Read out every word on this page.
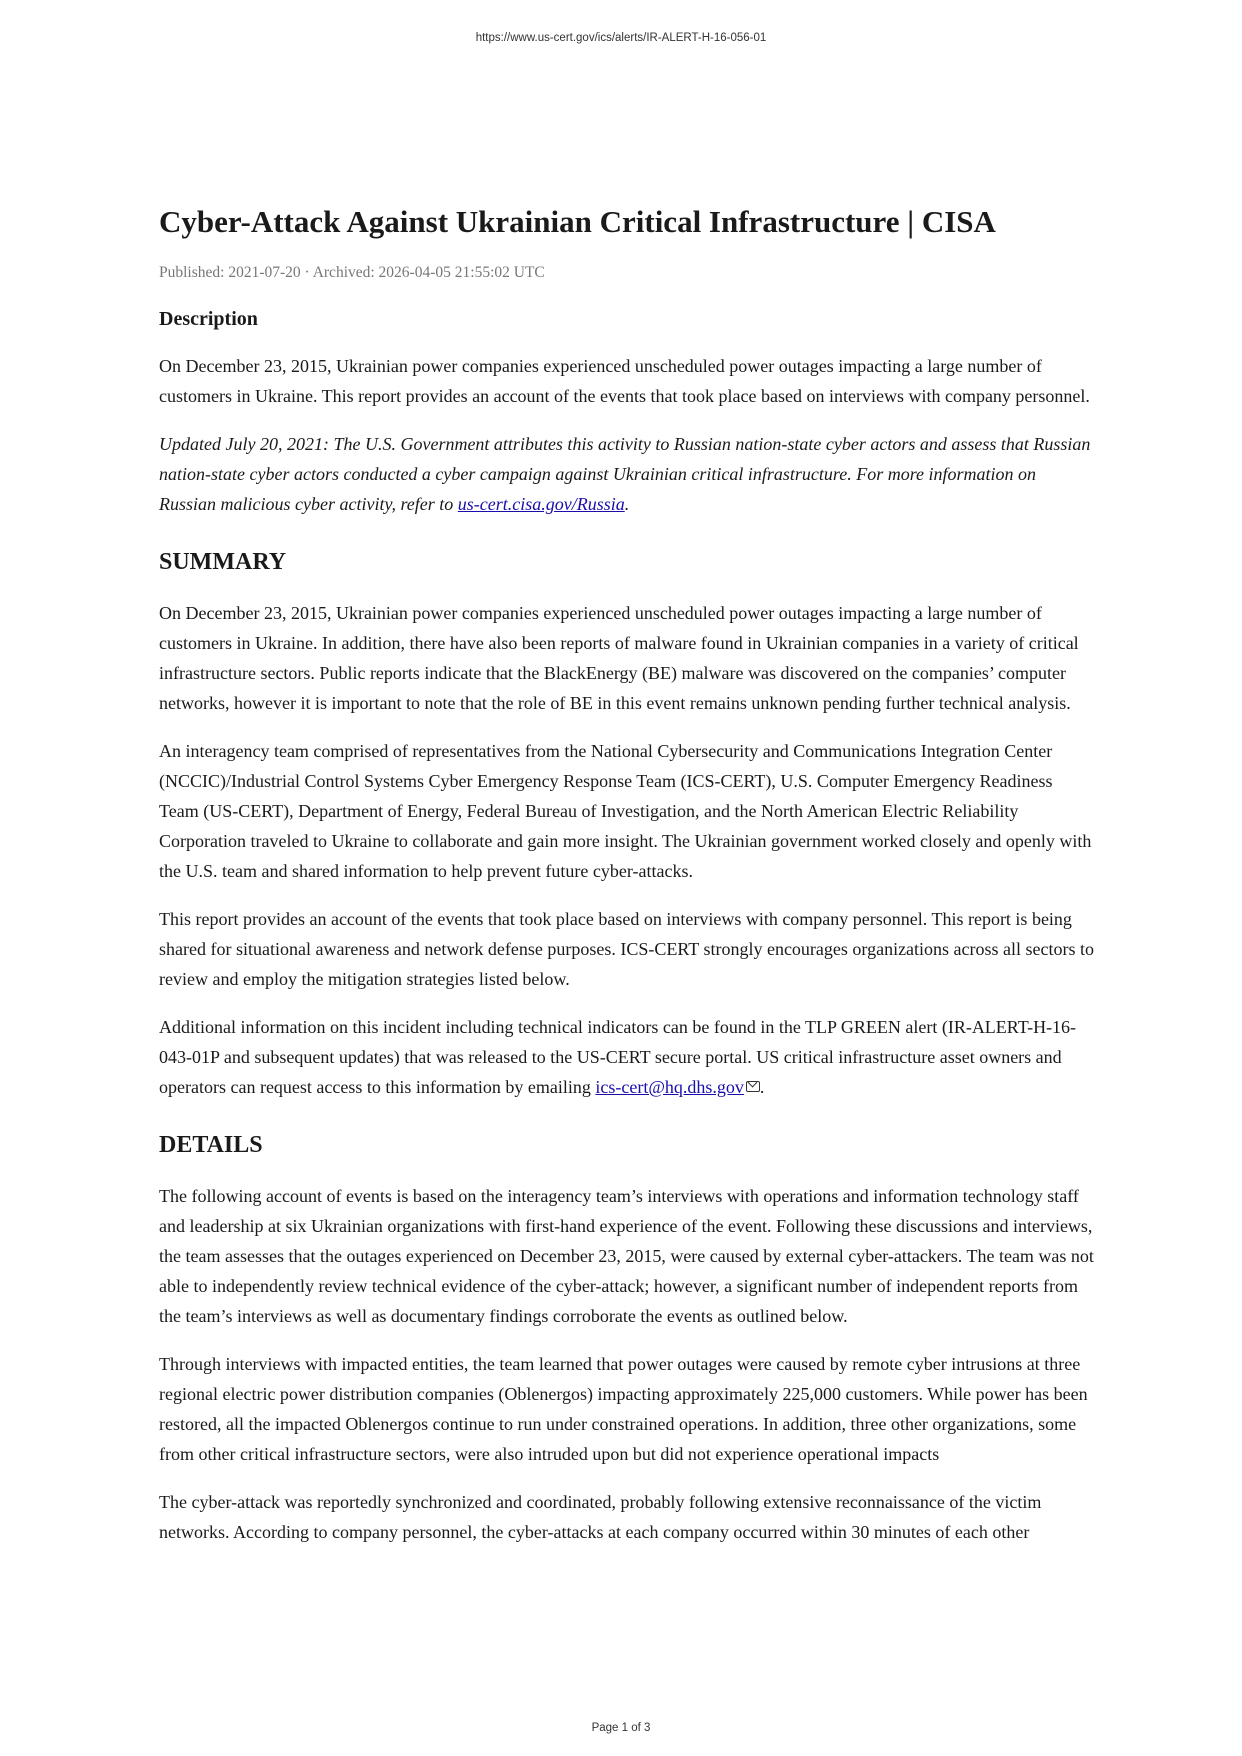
https://www.us-cert.gov/ics/alerts/IR-ALERT-H-16-056-01
Cyber-Attack Against Ukrainian Critical Infrastructure | CISA
Published: 2021-07-20 · Archived: 2026-04-05 21:55:02 UTC
Description

On December 23, 2015, Ukrainian power companies experienced unscheduled power outages impacting a large number of customers in Ukraine. This report provides an account of the events that took place based on interviews with company personnel.

Updated July 20, 2021: The U.S. Government attributes this activity to Russian nation-state cyber actors and assess that Russian nation-state cyber actors conducted a cyber campaign against Ukrainian critical infrastructure. For more information on Russian malicious cyber activity, refer to us-cert.cisa.gov/Russia.

SUMMARY

On December 23, 2015, Ukrainian power companies experienced unscheduled power outages impacting a large number of customers in Ukraine. In addition, there have also been reports of malware found in Ukrainian companies in a variety of critical infrastructure sectors. Public reports indicate that the BlackEnergy (BE) malware was discovered on the companies’ computer networks, however it is important to note that the role of BE in this event remains unknown pending further technical analysis.

An interagency team comprised of representatives from the National Cybersecurity and Communications Integration Center (NCCIC)/Industrial Control Systems Cyber Emergency Response Team (ICS-CERT), U.S. Computer Emergency Readiness Team (US-CERT), Department of Energy, Federal Bureau of Investigation, and the North American Electric Reliability Corporation traveled to Ukraine to collaborate and gain more insight. The Ukrainian government worked closely and openly with the U.S. team and shared information to help prevent future cyber-attacks.

This report provides an account of the events that took place based on interviews with company personnel. This report is being shared for situational awareness and network defense purposes. ICS-CERT strongly encourages organizations across all sectors to review and employ the mitigation strategies listed below.

Additional information on this incident including technical indicators can be found in the TLP GREEN alert (IR-ALERT-H-16-043-01P and subsequent updates) that was released to the US-CERT secure portal. US critical infrastructure asset owners and operators can request access to this information by emailing ics-cert@hq.dhs.gov .

DETAILS

The following account of events is based on the interagency team’s interviews with operations and information technology staff and leadership at six Ukrainian organizations with first-hand experience of the event. Following these discussions and interviews, the team assesses that the outages experienced on December 23, 2015, were caused by external cyber-attackers. The team was not able to independently review technical evidence of the cyber-attack; however, a significant number of independent reports from the team’s interviews as well as documentary findings corroborate the events as outlined below.

Through interviews with impacted entities, the team learned that power outages were caused by remote cyber intrusions at three regional electric power distribution companies (Oblenergos) impacting approximately 225,000 customers. While power has been restored, all the impacted Oblenergos continue to run under constrained operations. In addition, three other organizations, some from other critical infrastructure sectors, were also intruded upon but did not experience operational impacts

The cyber-attack was reportedly synchronized and coordinated, probably following extensive reconnaissance of the victim networks. According to company personnel, the cyber-attacks at each company occurred within 30 minutes of each other

Page 1 of 3
